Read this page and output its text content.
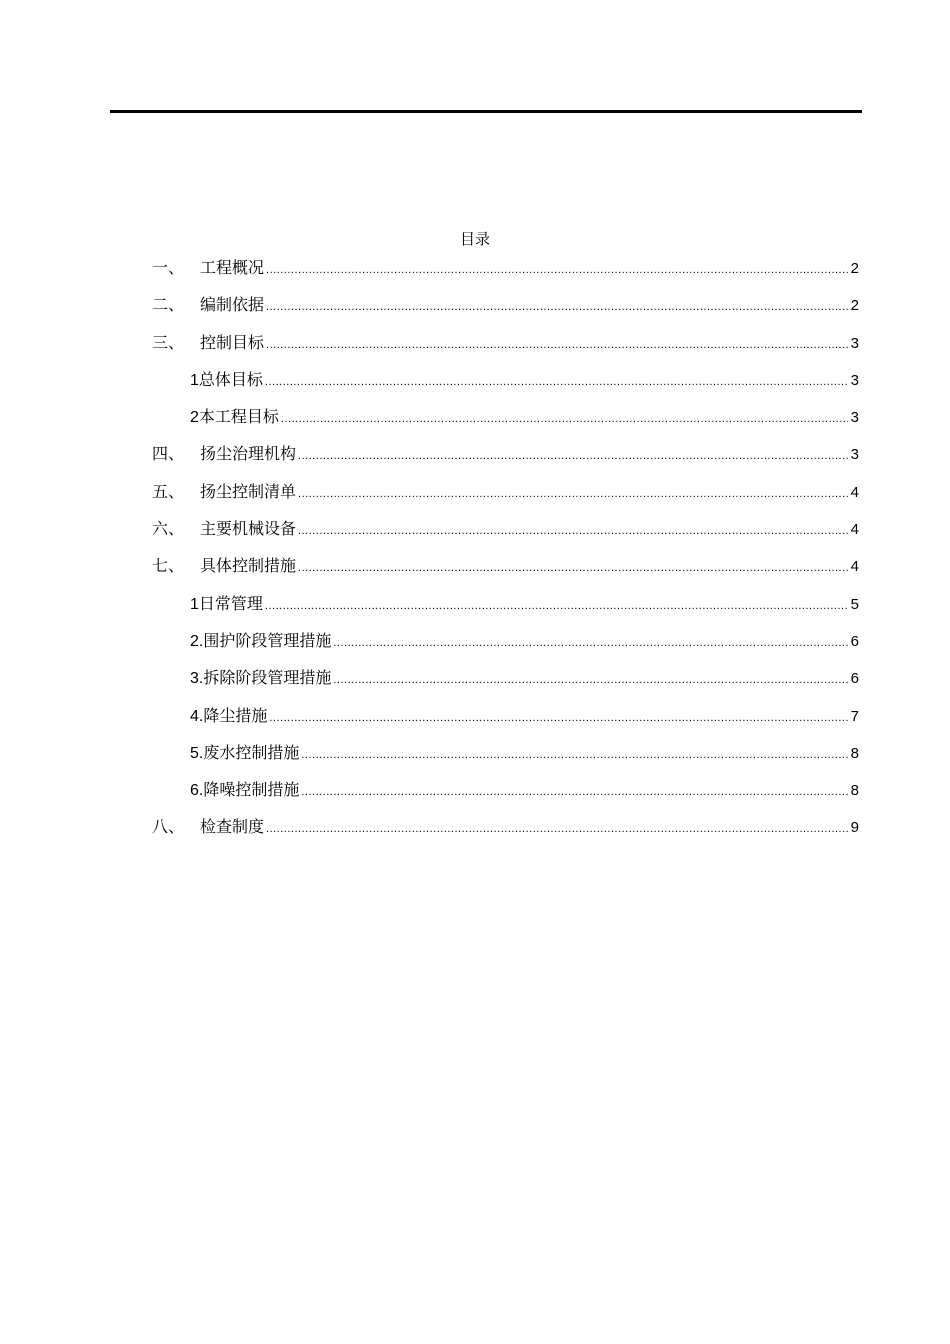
目录
一、 工程概况 .....	2
二、 编制依据 .....	2
三、 控制目标 .....	3
1 总体目标 .....	3
2 本工程目标 .....	3
四、 扬尘治理机构 .....	3
五、 扬尘控制清单 .....	4
六、 主要机械设备 .....	4
七、 具体控制措施 .....	4
1 日常管理 .....	5
2. 围护阶段管理措施 .....	6
3. 拆除阶段管理措施 .....	6
4. 降尘措施 .....	7
5. 废水控制措施 .....	8
6. 降噪控制措施 .....	8
八、 检查制度 .....	9
